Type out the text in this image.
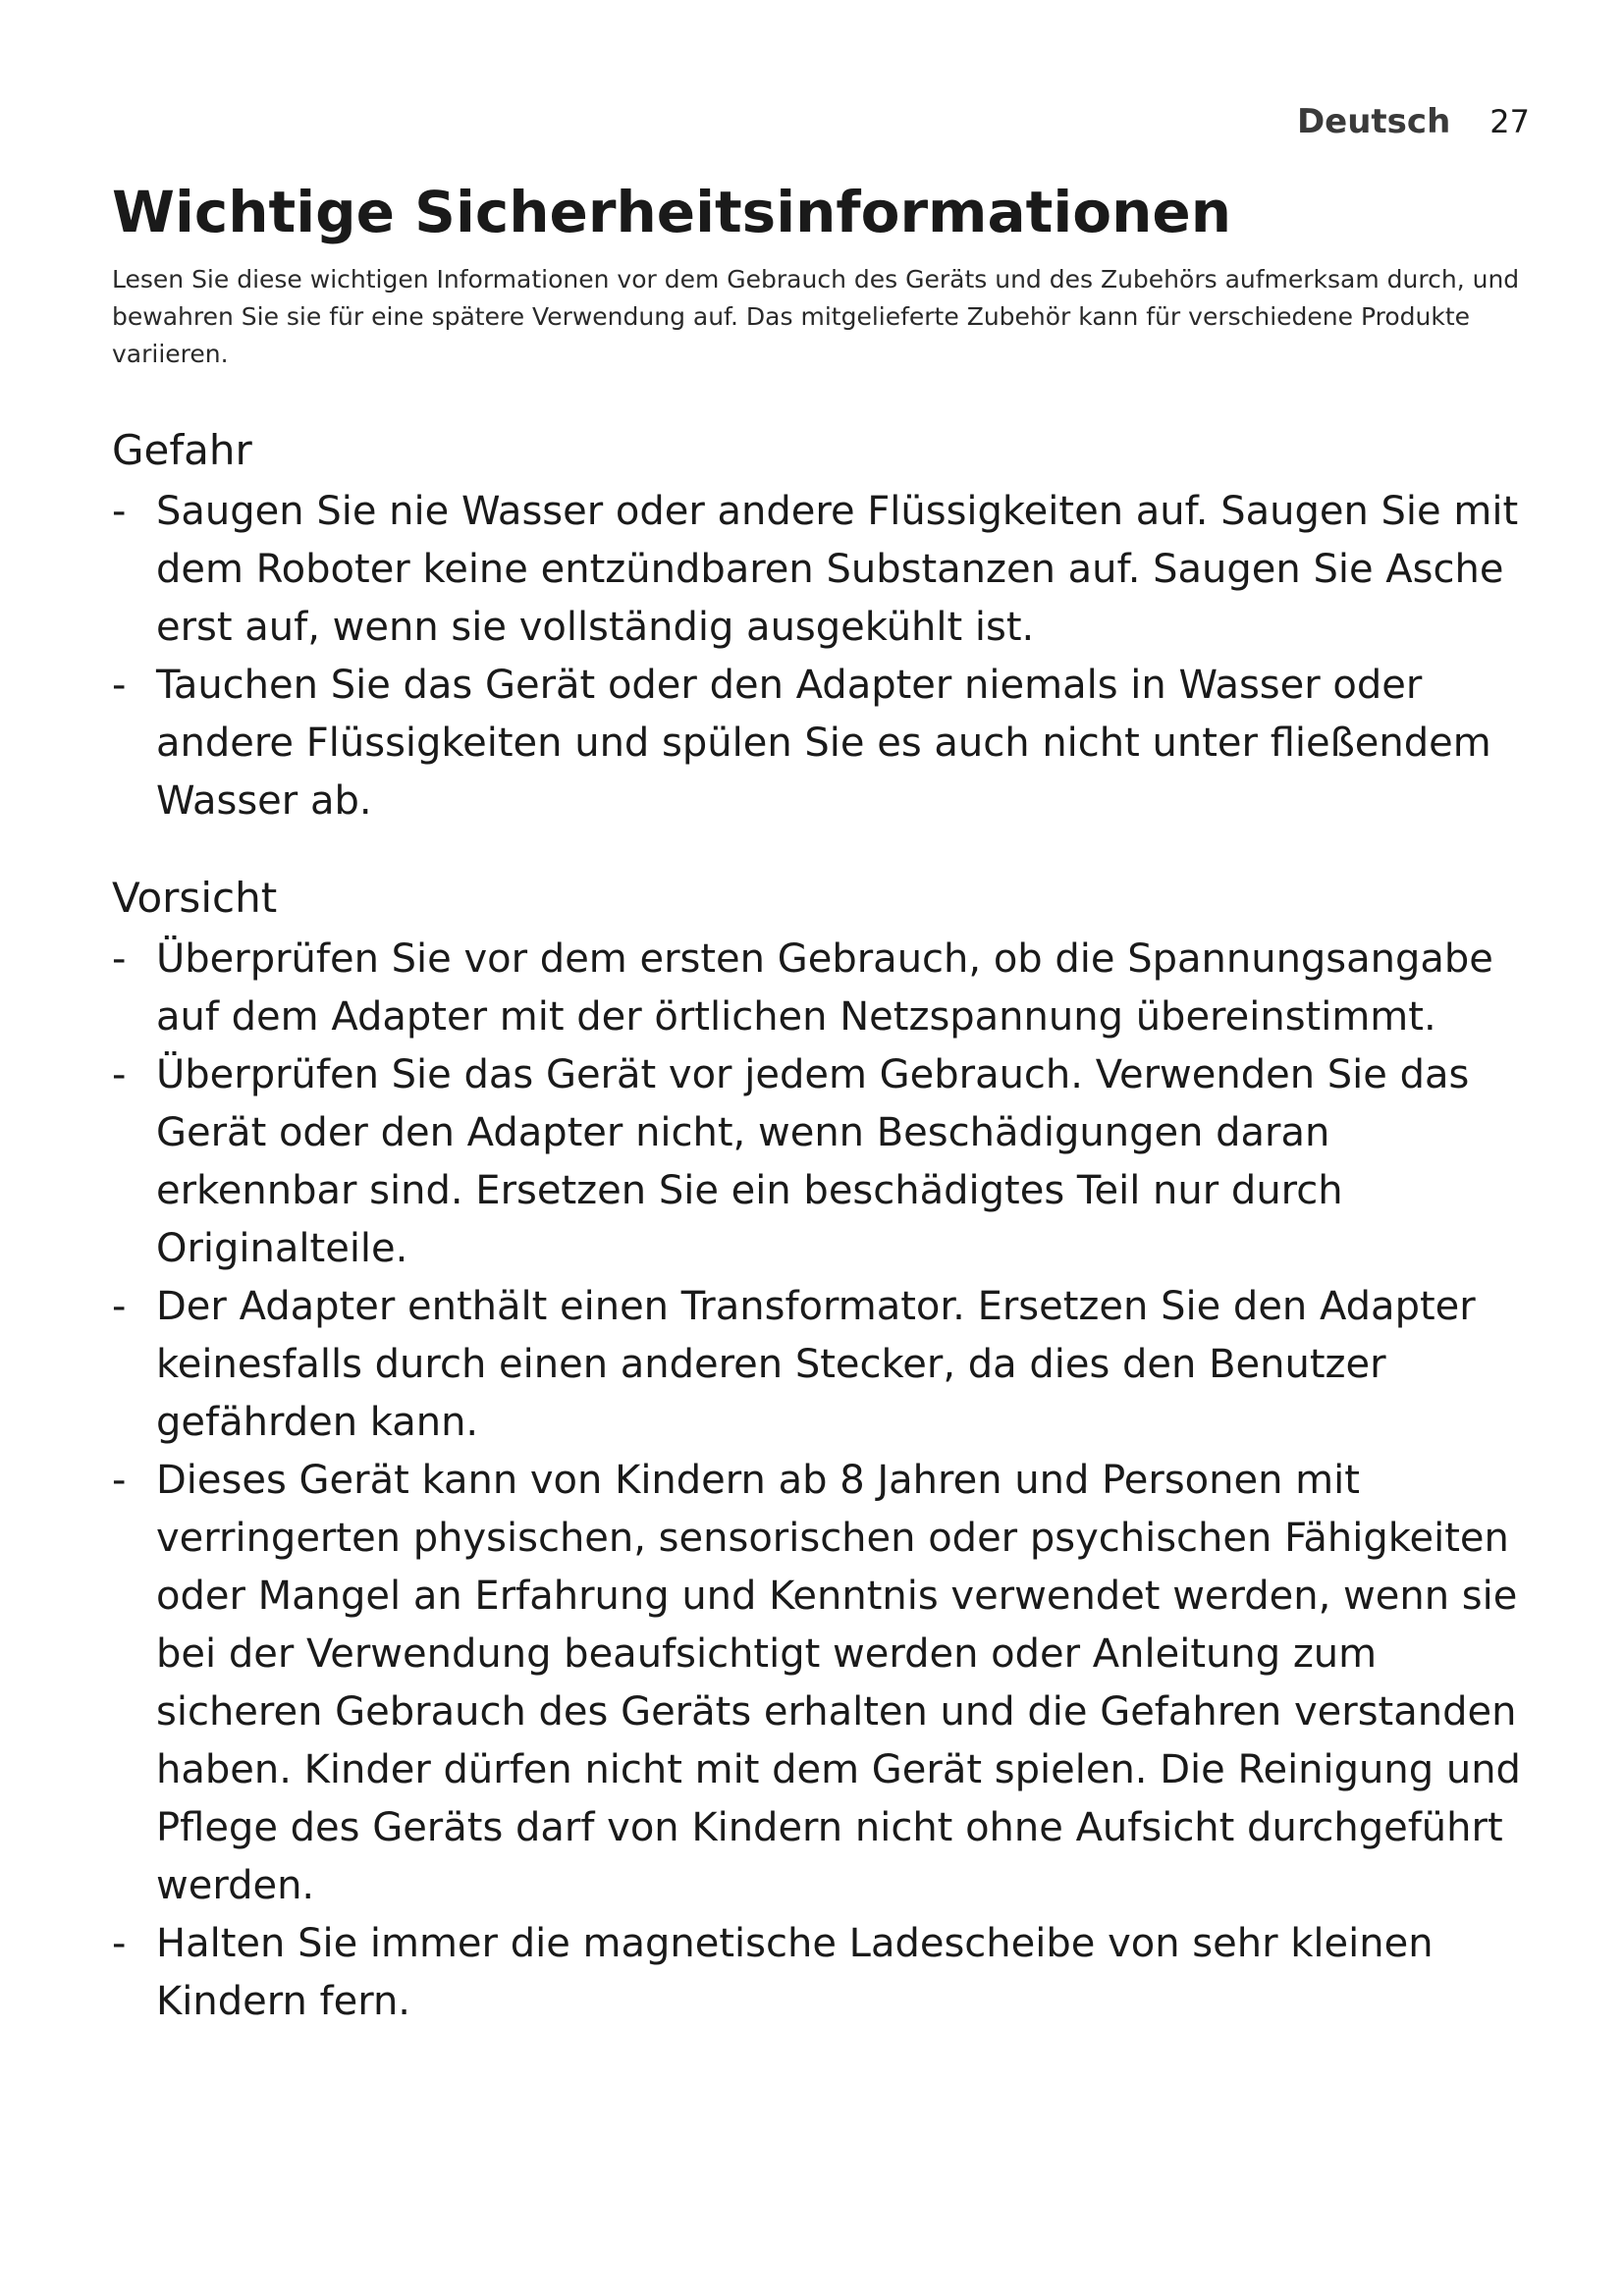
Deutsch 27
Wichtige Sicherheitsinformationen

Lesen Sie diese wichtigen Informationen vor dem Gebrauch des Geräts und des Zubehörs aufmerksam durch, und bewahren Sie sie für eine spätere Verwendung auf. Das mitgelieferte Zubehör kann für verschiedene Produkte variieren.

Gefahr
- Saugen Sie nie Wasser oder andere Flüssigkeiten auf. Saugen Sie mit dem Roboter keine entzündbaren Substanzen auf. Saugen Sie Asche erst auf, wenn sie vollständig ausgekühlt ist.
- Tauchen Sie das Gerät oder den Adapter niemals in Wasser oder andere Flüssigkeiten und spülen Sie es auch nicht unter fließendem Wasser ab.
Vorsicht
- Überprüfen Sie vor dem ersten Gebrauch, ob die Spannungsangabe auf dem Adapter mit der örtlichen Netzspannung übereinstimmt.
- Überprüfen Sie das Gerät vor jedem Gebrauch. Verwenden Sie das Gerät oder den Adapter nicht, wenn Beschädigungen daran erkennbar sind. Ersetzen Sie ein beschädigtes Teil nur durch Originalteile.
- Der Adapter enthält einen Transformator. Ersetzen Sie den Adapter keinesfalls durch einen anderen Stecker, da dies den Benutzer gefährden kann.
- Dieses Gerät kann von Kindern ab 8 Jahren und Personen mit verringerten physischen, sensorischen oder psychischen Fähigkeiten oder Mangel an Erfahrung und Kenntnis verwendet werden, wenn sie bei der Verwendung beaufsichtigt werden oder Anleitung zum sicheren Gebrauch des Geräts erhalten und die Gefahren verstanden haben. Kinder dürfen nicht mit dem Gerät spielen. Die Reinigung und Pflege des Geräts darf von Kindern nicht ohne Aufsicht durchgeführt werden.
- Halten Sie immer die magnetische Ladescheibe von sehr kleinen Kindern fern.
